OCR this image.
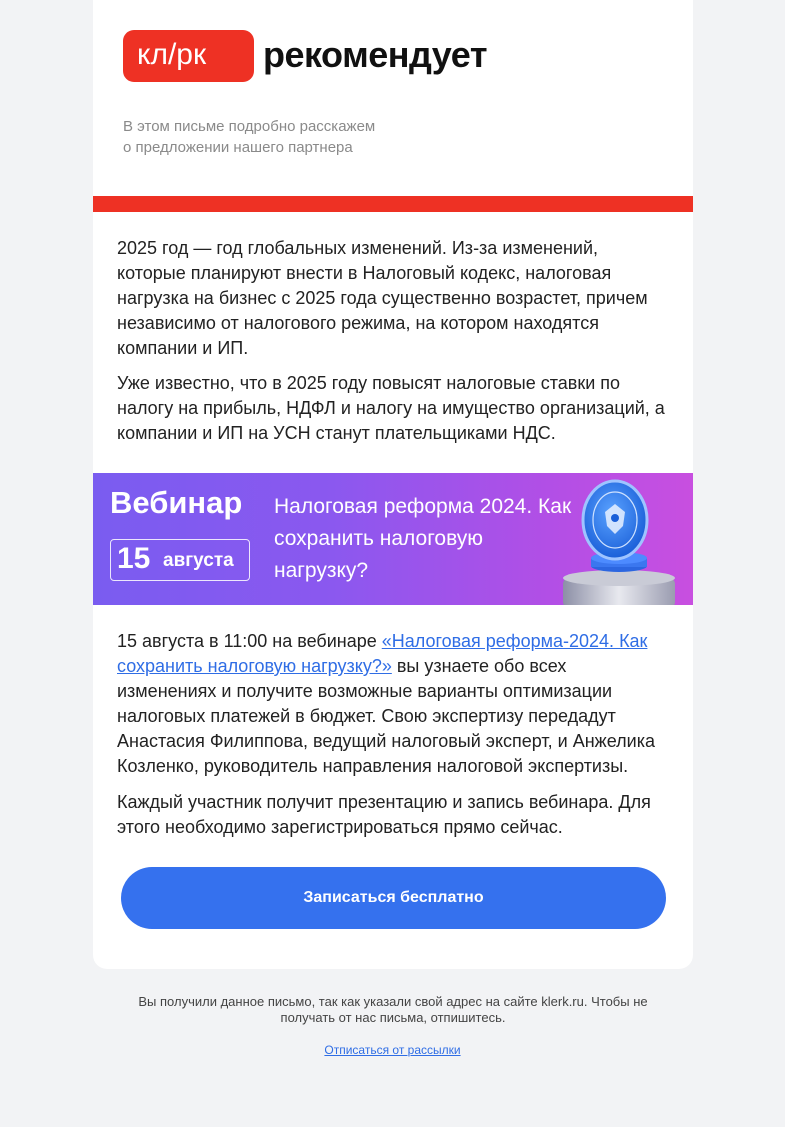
кл/рк рекомендует
В этом письме подробно расскажем
о предложении нашего партнера

2025 год — год глобальных изменений. Из-за изменений, которые планируют внести в Налоговый кодекс, налоговая нагрузка на бизнес с 2025 года существенно возрастет, причем независимо от налогового режима, на котором находятся компании и ИП.

Уже известно, что в 2025 году повысят налоговые ставки по налогу на прибыль, НДФЛ и налогу на имущество организаций, а компании и ИП на УСН станут плательщиками НДС.

Вебинар
15 августа
Налоговая реформа 2024. Как сохранить налоговую нагрузку?

15 августа в 11:00 на вебинаре «Налоговая реформа-2024. Как сохранить налоговую нагрузку?» вы узнаете обо всех изменениях и получите возможные варианты оптимизации налоговых платежей в бюджет. Свою экспертизу передадут Анастасия Филиппова, ведущий налоговый эксперт, и Анжелика Козленко, руководитель направления налоговой экспертизы.

Каждый участник получит презентацию и запись вебинара. Для этого необходимо зарегистрироваться прямо сейчас.

Записаться бесплатно
Вы получили данное письмо, так как указали свой адрес на сайте klerk.ru. Чтобы не получать от нас письма, отпишитесь.
Отписаться от рассылки
